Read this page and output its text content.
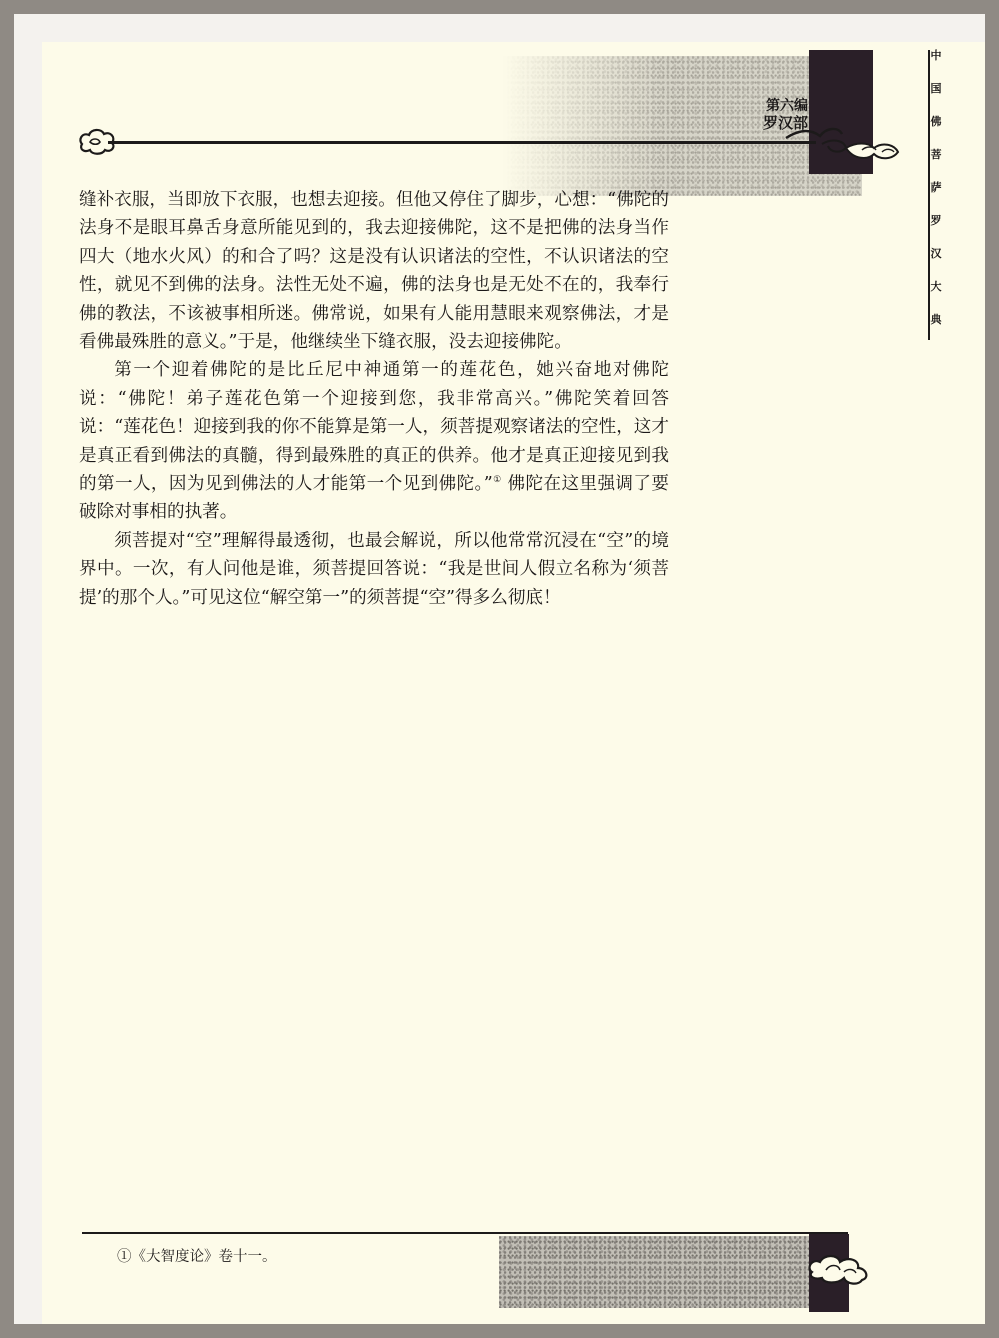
第六编
罗汉部
中
国
佛
菩
萨
罗
汉
大
典

缝补衣服，当即放下衣服，也想去迎接。但他又停住了脚步，心想：“佛陀的法身不是眼耳鼻舌身意所能见到的，我去迎接佛陀，这不是把佛的法身当作四大（地水火风）的和合了吗？这是没有认识诸法的空性，不认识诸法的空性，就见不到佛的法身。法性无处不遍，佛的法身也是无处不在的，我奉行佛的教法，不该被事相所迷。佛常说，如果有人能用慧眼来观察佛法，才是看佛最殊胜的意义。”于是，他继续坐下缝衣服，没去迎接佛陀。

第一个迎着佛陀的是比丘尼中神通第一的莲花色，她兴奋地对佛陀说：“佛陀！弟子莲花色第一个迎接到您，我非常高兴。”佛陀笑着回答说：“莲花色！迎接到我的你不能算是第一人，须菩提观察诸法的空性，这才是真正看到佛法的真髓，得到最殊胜的真正的供养。他才是真正迎接见到我的第一人，因为见到佛法的人才能第一个见到佛陀。”① 佛陀在这里强调了要破除对事相的执著。

须菩提对“空”理解得最透彻，也最会解说，所以他常常沉浸在“空”的境界中。一次，有人问他是谁，须菩提回答说：“我是世间人假立名称为‘须菩提’的那个人。”可见这位“解空第一”的须菩提“空”得多么彻底！

①《大智度论》卷十一。
